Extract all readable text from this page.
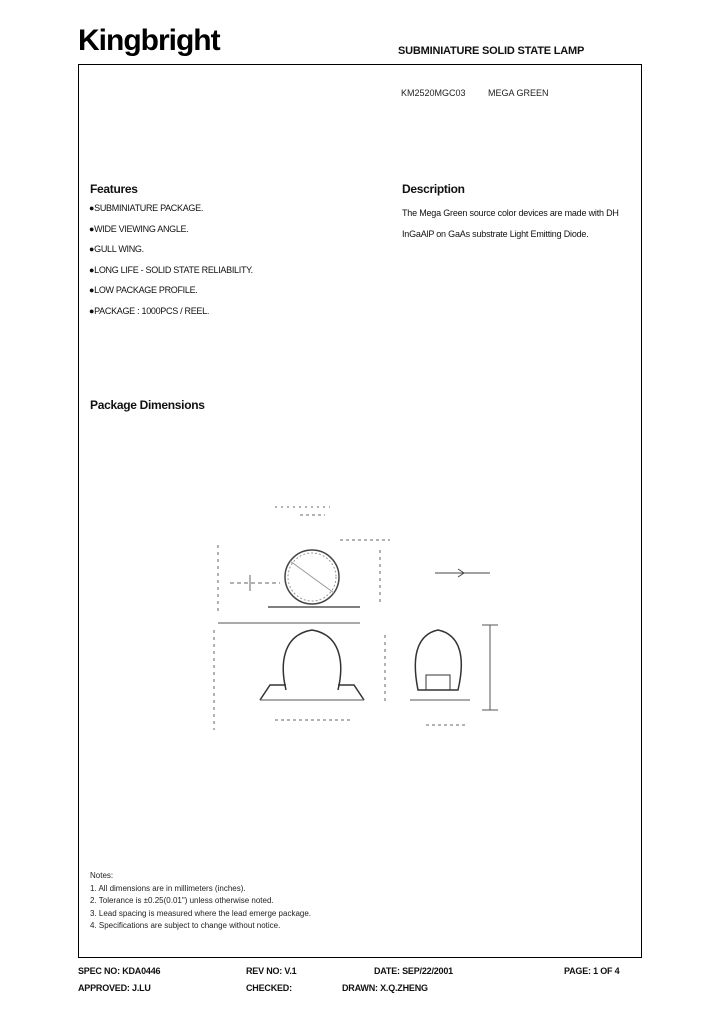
Kingbright	SUBMINIATURE SOLID STATE LAMP
KM2520MGC03 MEGA GREEN
Features
●SUBMINIATURE PACKAGE.
●WIDE VIEWING ANGLE.
●GULL WING.
●LONG LIFE - SOLID STATE RELIABILITY.
●LOW PACKAGE PROFILE.
●PACKAGE : 1000PCS / REEL.
Description
The Mega Green source color devices are made with DH InGaAlP on GaAs substrate Light Emitting Diode.
Package Dimensions
Notes:
1. All dimensions are in millimeters (inches).
2. Tolerance is ±0.25(0.01") unless otherwise noted.
3. Lead spacing is measured where the lead emerge package.
4. Specifications are subject to change without notice.
SPEC NO: KDA0446	REV NO: V.1	DATE: SEP/22/2001	PAGE: 1 OF 4
APPROVED: J.LU	CHECKED:	DRAWN: X.Q.ZHENG
